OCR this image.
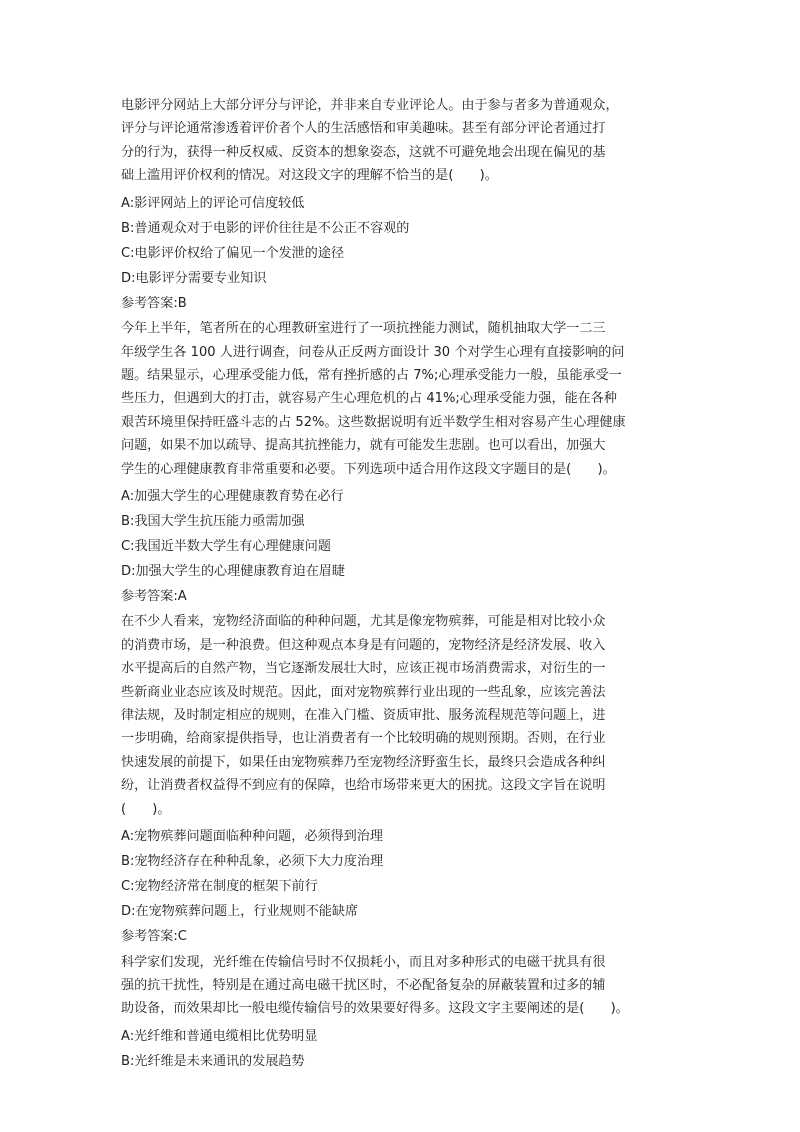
电影评分网站上大部分评分与评论，并非来自专业评论人。由于参与者多为普通观众，
评分与评论通常渗透着评价者个人的生活感悟和审美趣味。甚至有部分评论者通过打
分的行为，获得一种反权威、反资本的想象姿态，这就不可避免地会出现在偏见的基
础上滥用评价权利的情况。对这段文字的理解不恰当的是(　　)。
A:影评网站上的评论可信度较低
B:普通观众对于电影的评价往往是不公正不容观的
C:电影评价权给了偏见一个发泄的途径
D:电影评分需要专业知识
参考答案:B
今年上半年，笔者所在的心理教研室进行了一项抗挫能力测试，随机抽取大学一二三
年级学生各 100 人进行调查，问卷从正反两方面设计 30 个对学生心理有直接影响的问
题。结果显示，心理承受能力低，常有挫折感的占 7%;心理承受能力一般，虽能承受一
些压力，但遇到大的打击，就容易产生心理危机的占 41%;心理承受能力强，能在各种
艰苦环境里保持旺盛斗志的占 52%。这些数据说明有近半数学生相对容易产生心理健康
问题，如果不加以疏导、提高其抗挫能力，就有可能发生悲剧。也可以看出，加强大
学生的心理健康教育非常重要和必要。下列选项中适合用作这段文字题目的是(　　)。
A:加强大学生的心理健康教育势在必行
B:我国大学生抗压能力亟需加强
C:我国近半数大学生有心理健康问题
D:加强大学生的心理健康教育迫在眉睫
参考答案:A
在不少人看来，宠物经济面临的种种问题，尤其是像宠物殡葬，可能是相对比较小众
的消费市场，是一种浪费。但这种观点本身是有问题的，宠物经济是经济发展、收入
水平提高后的自然产物，当它逐渐发展壮大时，应该正视市场消费需求，对衍生的一
些新商业业态应该及时规范。因此，面对宠物殡葬行业出现的一些乱象，应该完善法
律法规，及时制定相应的规则，在准入门槛、资质审批、服务流程规范等问题上，进
一步明确，给商家提供指导，也让消费者有一个比较明确的规则预期。否则，在行业
快速发展的前提下，如果任由宠物殡葬乃至宠物经济野蛮生长，最终只会造成各种纠
纷，让消费者权益得不到应有的保障，也给市场带来更大的困扰。这段文字旨在说明
(　　)。
A:宠物殡葬问题面临种种问题，必须得到治理
B:宠物经济存在种种乱象，必须下大力度治理
C:宠物经济常在制度的框架下前行
D:在宠物殡葬问题上，行业规则不能缺席
参考答案:C
科学家们发现，光纤维在传输信号时不仅损耗小，而且对多种形式的电磁干扰具有很
强的抗干扰性，特别是在通过高电磁干扰区时，不必配备复杂的屏蔽装置和过多的辅
助设备，而效果却比一般电缆传输信号的效果要好得多。这段文字主要阐述的是(　　)。
A:光纤维和普通电缆相比优势明显
B:光纤维是未来通讯的发展趋势
